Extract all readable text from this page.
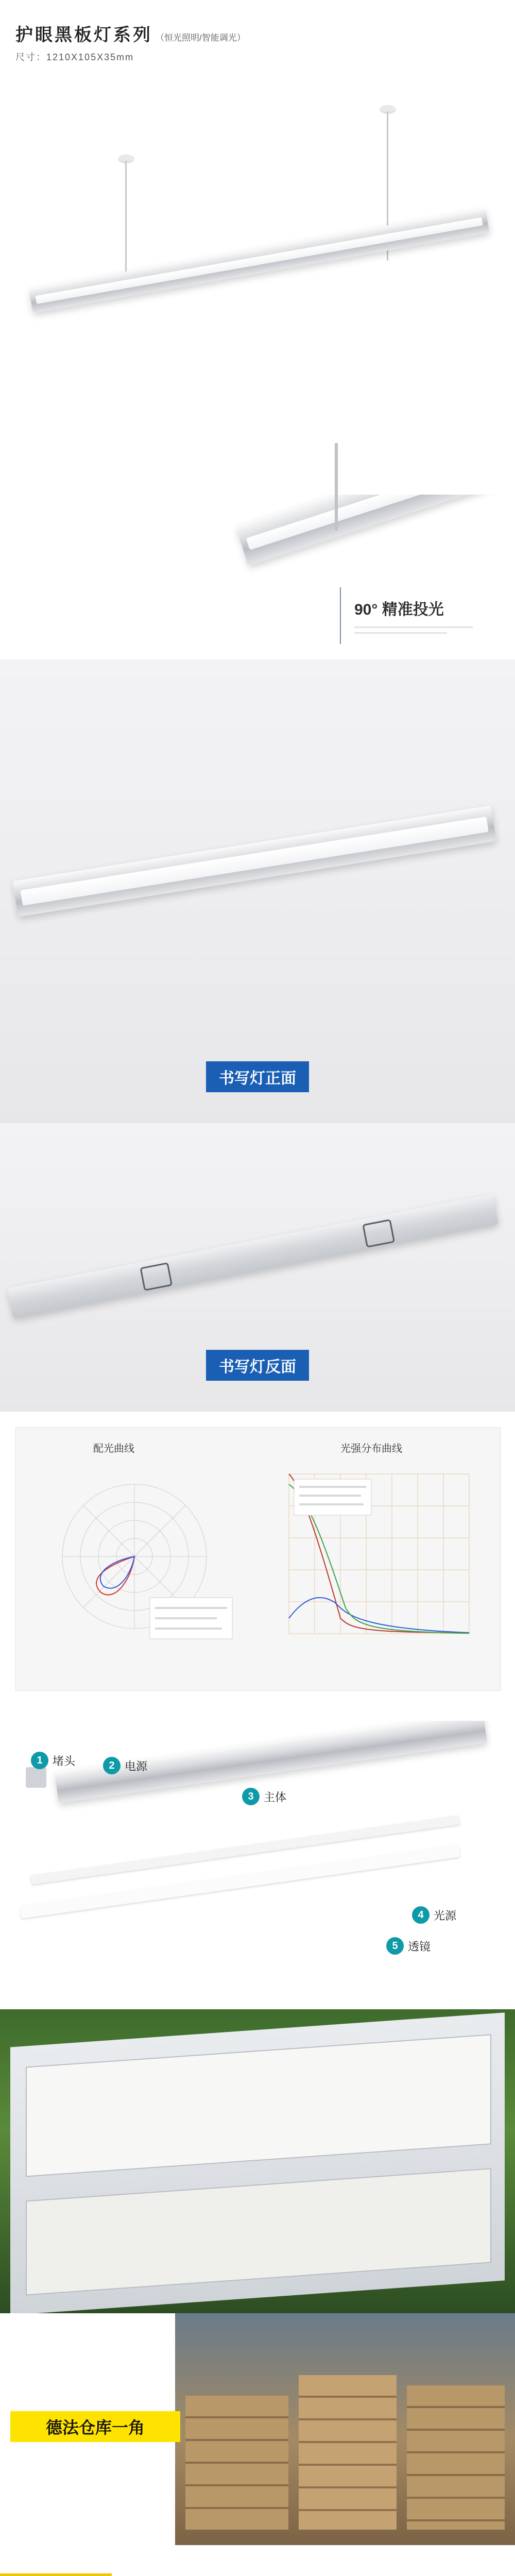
护眼黑板灯系列 （恒光照明/智能调光）
尺寸：1210X105X35mm
90° 精准投光
书写灯正面
书写灯反面
配光曲线	光强分布曲线
1 堵头	2 电源
3 主体
4 光源
5 透镜
德法仓库一角
